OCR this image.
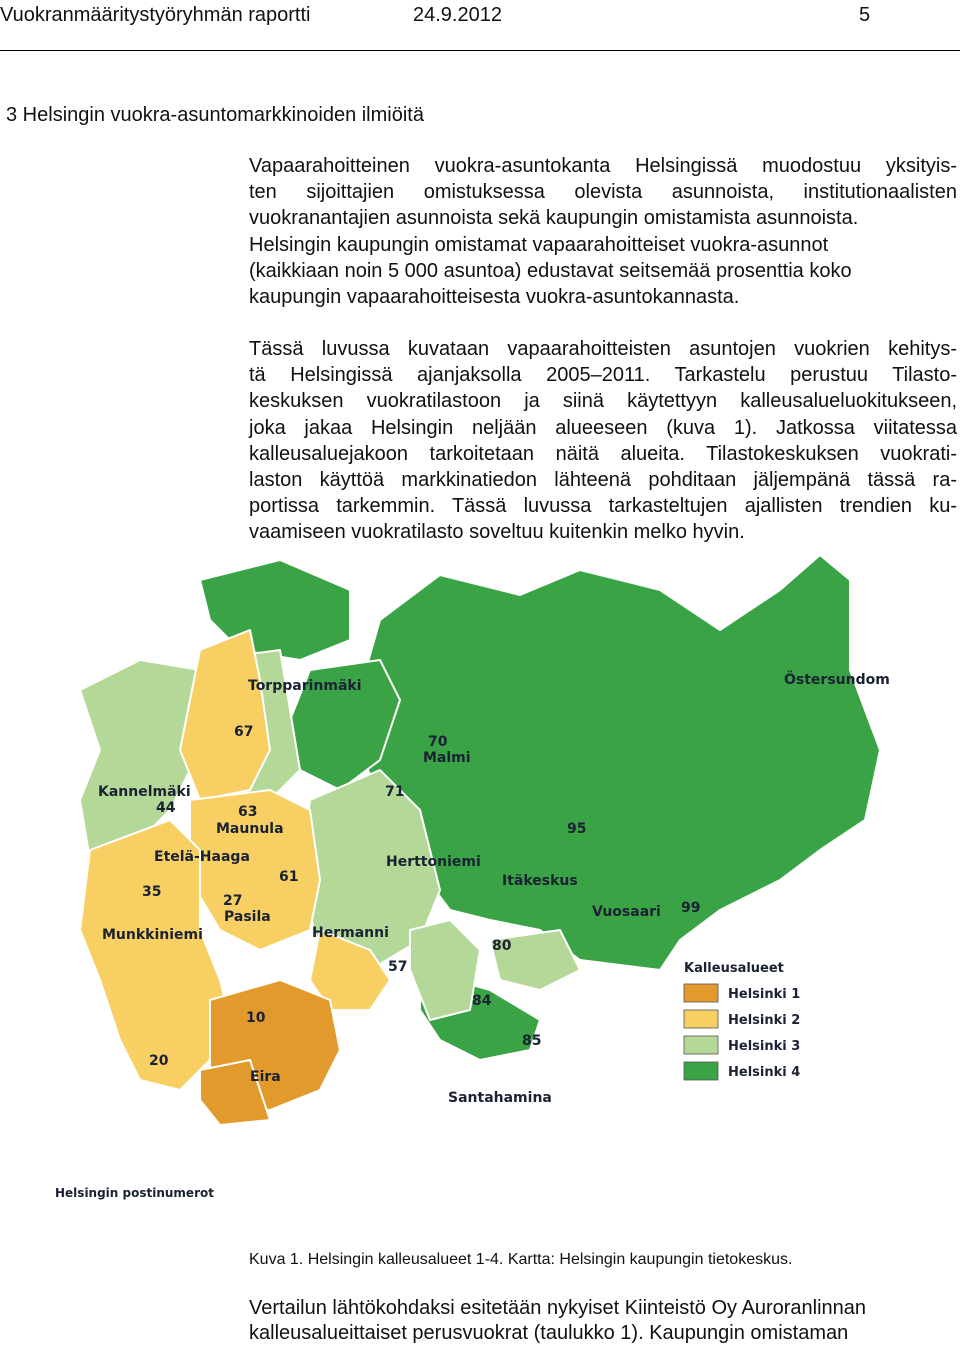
Vuokranmääritystyöryhmän raportti	24.9.2012	5
3 Helsingin vuokra-asuntomarkkinoiden ilmiöitä
Vapaarahoitteinen vuokra-asuntokanta Helsingissä muodostuu yksityis-
ten sijoittajien omistuksessa olevista asunnoista, institutionaalisten
vuokranantajien asunnoista sekä kaupungin omistamista asunnoista.
Helsingin kaupungin omistamat vapaarahoitteiset vuokra-asunnot
(kaikkiaan noin 5 000 asuntoa) edustavat seitsemää prosenttia koko
kaupungin vapaarahoitteisesta vuokra-asuntokannasta.
Tässä luvussa kuvataan vapaarahoitteisten asuntojen vuokrien kehitys-
tä Helsingissä ajanjaksolla 2005–2011. Tarkastelu perustuu Tilasto-
keskuksen vuokratilastoon ja siinä käytettyyn kalleusalueluokitukseen,
joka jakaa Helsingin neljään alueeseen (kuva 1). Jatkossa viitatessa
kalleusaluejakoon tarkoitetaan näitä alueita. Tilastokeskuksen vuokrati-
laston käyttöä markkinatiedon lähteenä pohditaan jäljempänä tässä ra-
portissa tarkemmin. Tässä luvussa tarkasteltujen ajallisten trendien ku-
vaamiseen vuokratilasto soveltuu kuitenkin melko hyvin.
Torpparinmäki	Östersundom
67
70
Malmi
Kannelmäki	71
44	63
Maunula	95
Etelä-Haaga
61
Herttoniemi
Itäkeskus
35
27
Pasila	Vuosaari 99
Munkkiniemi	Hermanni
80
57
84
10
85
20
Eira
Santahamina
Helsingin postinumerot
Kalleusalueet
Helsinki 1
Helsinki 2
Helsinki 3
Helsinki 4
Kuva 1. Helsingin kalleusalueet 1-4. Kartta: Helsingin kaupungin tietokeskus.
Vertailun lähtökohdaksi esitetään nykyiset Kiinteistö Oy Auroranlinnan
kalleusalueittaiset perusvuokrat (taulukko 1). Kaupungin omistaman
